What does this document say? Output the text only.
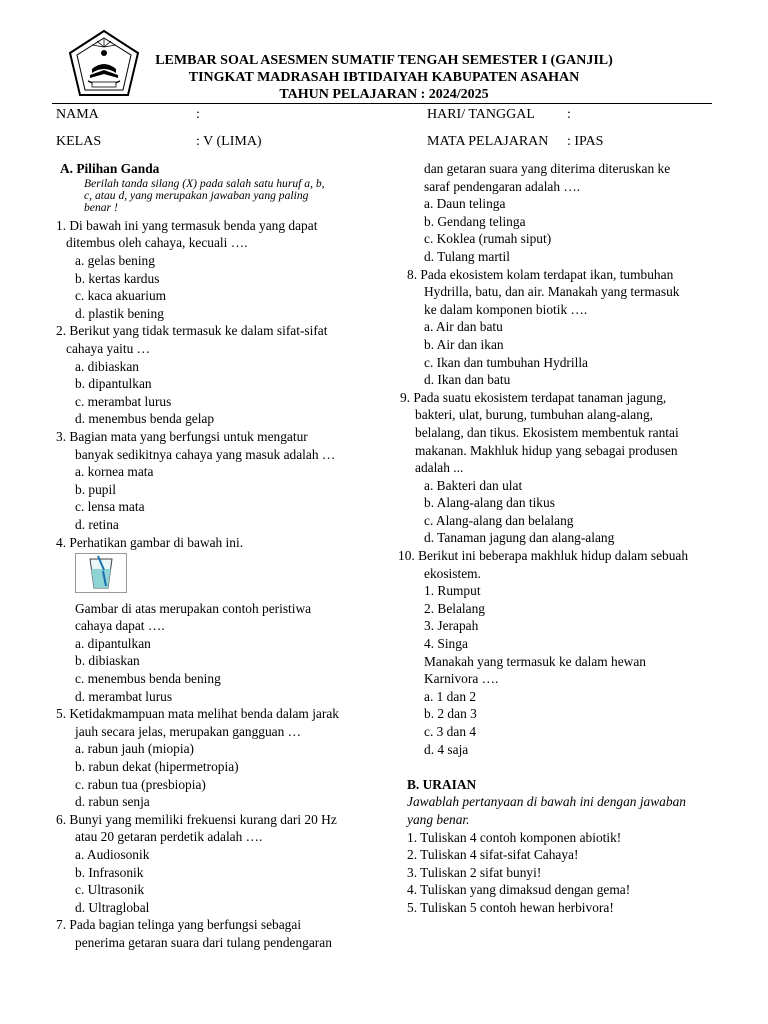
LEMBAR SOAL ASESMEN SUMATIF TENGAH SEMESTER I (GANJIL)
TINGKAT MADRASAH IBTIDAIYAH KABUPATEN ASAHAN
TAHUN PELAJARAN : 2024/2025
NAMA	:	HARI/ TANGGAL :
KELAS	: V (LIMA)	MATA PELAJARAN : IPAS
A. Pilihan Ganda
Berilah tanda silang (X) pada salah satu huruf a, b,
c, atau d, yang merupakan jawaban yang paling
benar !
1. Di bawah ini yang termasuk benda yang dapat
ditembus oleh cahaya, kecuali ….
a. gelas bening
b. kertas kardus
c. kaca akuarium
d. plastik bening
2. Berikut yang tidak termasuk ke dalam sifat-sifat
cahaya yaitu …
a. dibiaskan
b. dipantulkan
c. merambat lurus
d. menembus benda gelap
3. Bagian mata yang berfungsi untuk mengatur
banyak sedikitnya cahaya yang masuk adalah …
a. kornea mata
b. pupil
c. lensa mata
d. retina
4. Perhatikan gambar di bawah ini.
Gambar di atas merupakan contoh peristiwa
cahaya dapat ….
a. dipantulkan
b. dibiaskan
c. menembus benda bening
d. merambat lurus
5. Ketidakmampuan mata melihat benda dalam jarak
jauh secara jelas, merupakan gangguan …
a. rabun jauh (miopia)
b. rabun dekat (hipermetropia)
c. rabun tua (presbiopia)
d. rabun senja
6. Bunyi yang memiliki frekuensi kurang dari 20 Hz
atau 20 getaran perdetik adalah ….
a. Audiosonik
b. Infrasonik
c. Ultrasonik
d. Ultraglobal
7. Pada bagian telinga yang berfungsi sebagai
penerima getaran suara dari tulang pendengaran
dan getaran suara yang diterima diteruskan ke
saraf pendengaran adalah ….
a. Daun telinga
b. Gendang telinga
c. Koklea (rumah siput)
d. Tulang martil
8. Pada ekosistem kolam terdapat ikan, tumbuhan
Hydrilla, batu, dan air. Manakah yang termasuk
ke dalam komponen biotik ….
a. Air dan batu
b. Air dan ikan
c. Ikan dan tumbuhan Hydrilla
d. Ikan dan batu
9. Pada suatu ekosistem terdapat tanaman jagung,
bakteri, ulat, burung, tumbuhan alang-alang,
belalang, dan tikus. Ekosistem membentuk rantai
makanan. Makhluk hidup yang sebagai produsen
adalah ...
a. Bakteri dan ulat
b. Alang-alang dan tikus
c. Alang-alang dan belalang
d. Tanaman jagung dan alang-alang
10. Berikut ini beberapa makhluk hidup dalam sebuah
ekosistem.
1. Rumput
2. Belalang
3. Jerapah
4. Singa
Manakah yang termasuk ke dalam hewan
Karnivora ….
a. 1 dan 2
b. 2 dan 3
c. 3 dan 4
d. 4 saja
B. URAIAN
Jawablah pertanyaan di bawah ini dengan jawaban
yang benar.
1. Tuliskan 4 contoh komponen abiotik!
2. Tuliskan 4 sifat-sifat Cahaya!
3. Tuliskan 2 sifat bunyi!
4. Tuliskan yang dimaksud dengan gema!
5. Tuliskan 5 contoh hewan herbivora!
